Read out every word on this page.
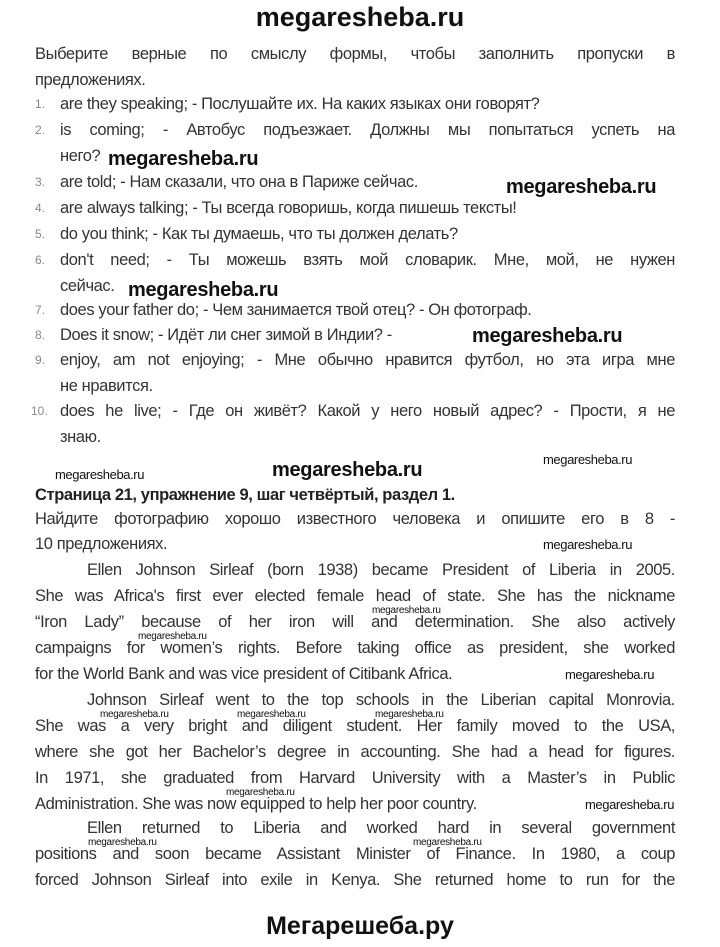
megaresheba.ru
Выберите верные по смыслу формы, чтобы заполнить пропуски в
предложениях.
1. are they speaking; - Послушайте их. На каких языках они говорят?
2. is coming; - Автобус подъезжает. Должны мы попытаться успеть на
него?
3. are told; - Нам сказали, что она в Париже сейчас.
4. are always talking; - Ты всегда говоришь, когда пишешь тексты!
5. do you think; - Как ты думаешь, что ты должен делать?
6. don't need; - Ты можешь взять мой словарик. Мне, мой, не нужен
сейчас.
7. does your father do; - Чем занимается твой отец? - Он фотограф.
8. Does it snow; - Идёт ли снег зимой в Индии? -
9. enjoy, am not enjoying; - Мне обычно нравится футбол, но эта игра мне
не нравится.
10. does he live; - Где он живёт? Какой у него новый адрес? - Прости, я не
знаю.
Страница 21, упражнение 9, шаг четвёртый, раздел 1.
Найдите фотографию хорошо известного человека и опишите его в 8 -
10 предложениях.
Ellen Johnson Sirleaf (born 1938) became President of Liberia in 2005.
She was Africa's first ever elected female head of state. She has the nickname
“Iron Lady” because of her iron will and determination. She also actively
campaigns for women’s rights. Before taking office as president, she worked
for the World Bank and was vice president of Citibank Africa.
Johnson Sirleaf went to the top schools in the Liberian capital Monrovia.
She was a very bright and diligent student. Her family moved to the USA,
where she got her Bachelor’s degree in accounting. She had a head for figures.
In 1971, she graduated from Harvard University with a Master’s in Public
Administration. She was now equipped to help her poor country.
Ellen returned to Liberia and worked hard in several government
positions and soon became Assistant Minister of Finance. In 1980, a coup
forced Johnson Sirleaf into exile in Kenya. She returned home to run for the
megaresheba.ru
megaresheba.ru
megaresheba.ru
megaresheba.ru
megaresheba.ru
megaresheba.ru
megaresheba.ru
megaresheba.ru
megaresheba.ru
megaresheba.ru
megaresheba.ru
megaresheba.ru	megaresheba.ru	megaresheba.ru
megaresheba.ru
megaresheba.ru
megaresheba.ru	megaresheba.ru
Мегарешеба.ру
